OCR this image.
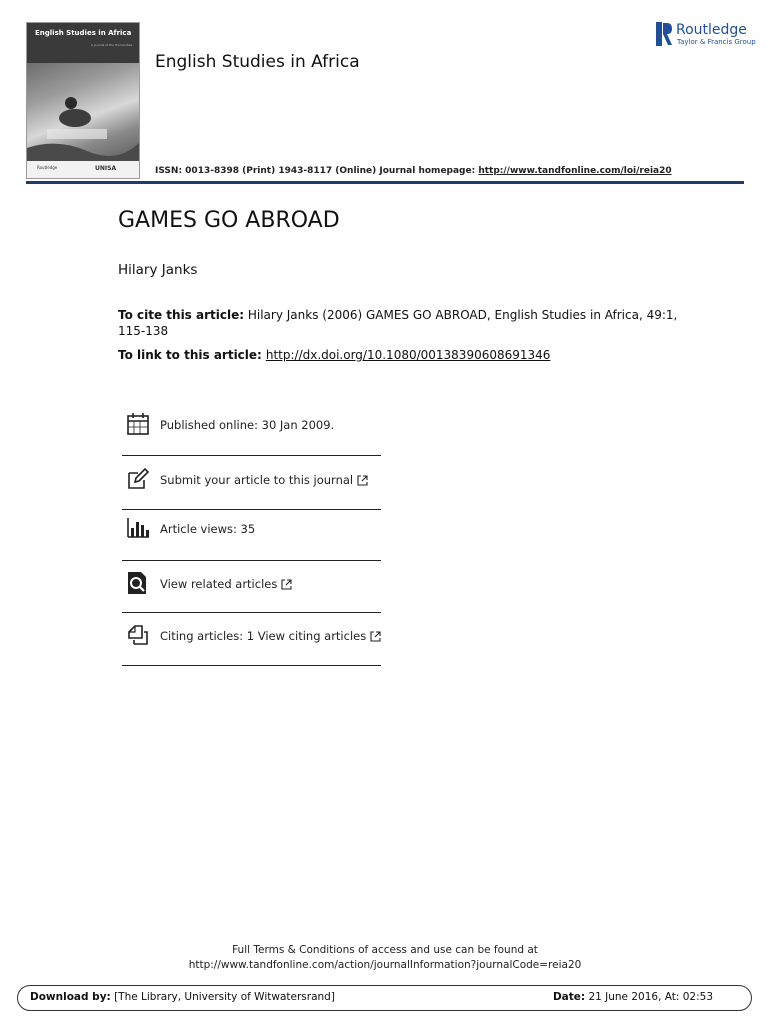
English Studies in Africa
A Journal of the Humanities
Routledge	UNISA
English Studies in Africa
ISSN: 0013-8398 (Print) 1943-8117 (Online) Journal homepage: http://www.tandfonline.com/loi/reia20
Routledge
Taylor & Francis Group
GAMES GO ABROAD
Hilary Janks
To cite this article: Hilary Janks (2006) GAMES GO ABROAD, English Studies in Africa, 49:1, 115-138
To link to this article: http://dx.doi.org/10.1080/00138390608691346
Published online: 30 Jan 2009.
Submit your article to this journal
Article views: 35
View related articles
Citing articles: 1 View citing articles
Full Terms & Conditions of access and use can be found at
http://www.tandfonline.com/action/journalInformation?journalCode=reia20
Download by: [The Library, University of Witwatersrand]	Date: 21 June 2016, At: 02:53
